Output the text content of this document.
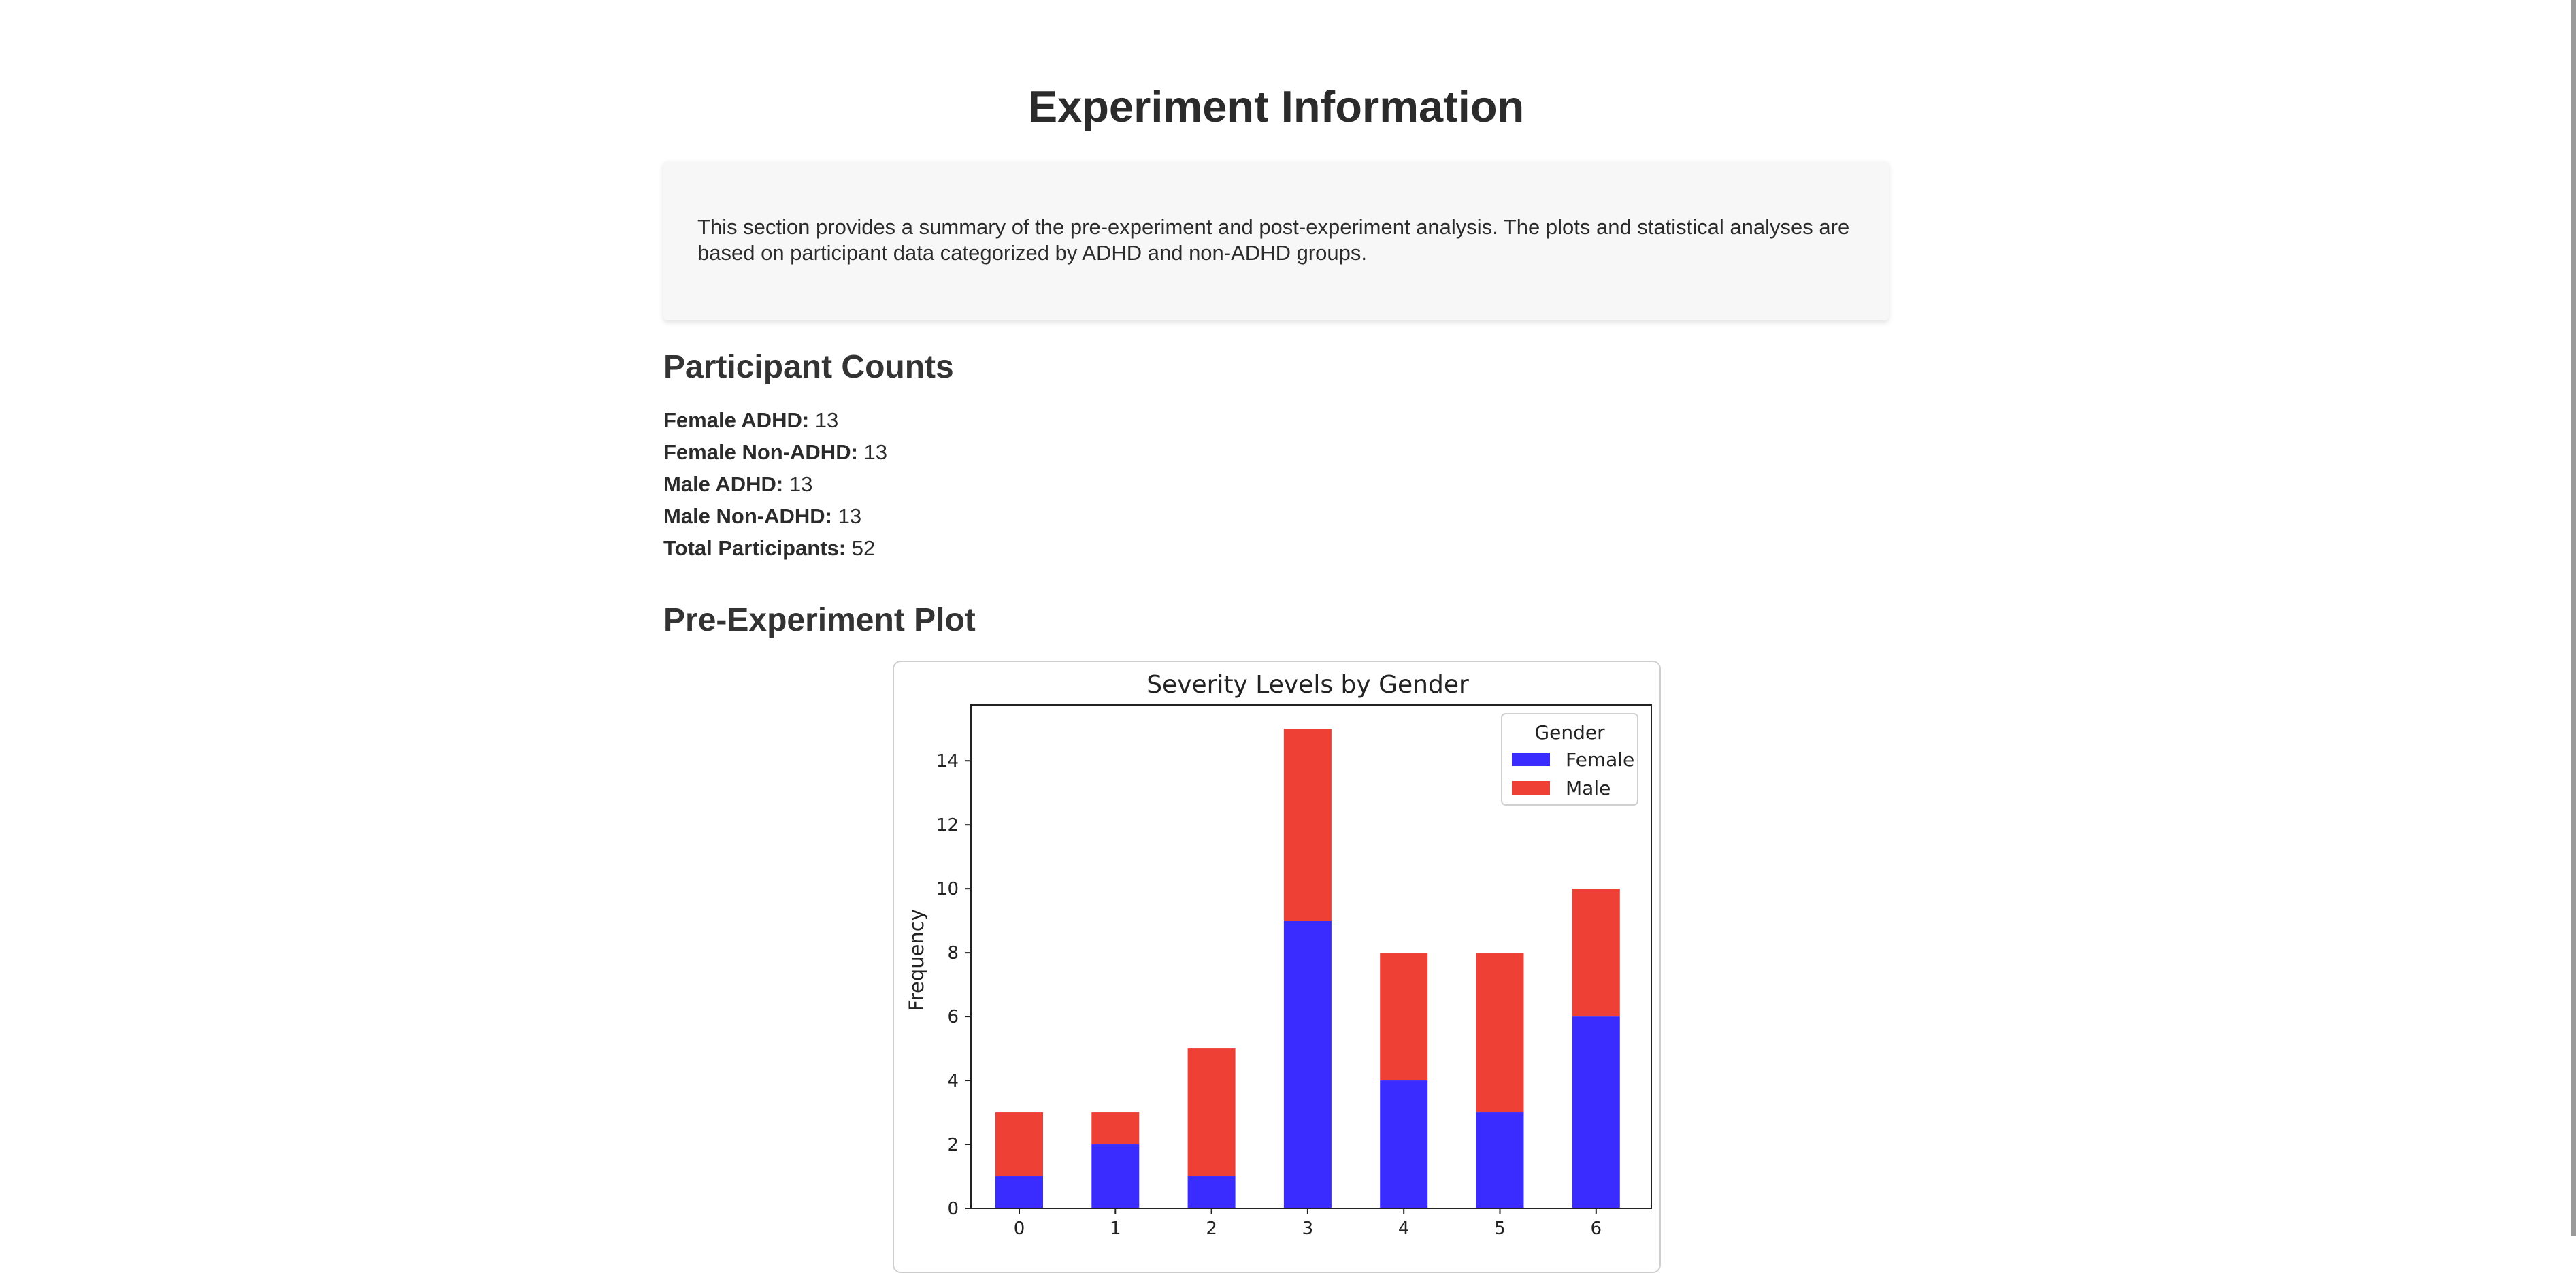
Experiment Information
This section provides a summary of the pre-experiment and post-experiment analysis. The plots and statistical analyses are based on participant data categorized by ADHD and non-ADHD groups.
Participant Counts
Female ADHD: 13
Female Non-ADHD: 13
Male ADHD: 13
Male Non-ADHD: 13
Total Participants: 52
Pre-Experiment Plot
Severity Levels by Gender
Frequency
0
2
4
6
8
10
12
14
0	1	2	3	4	5	6
Gender
Female
Male
